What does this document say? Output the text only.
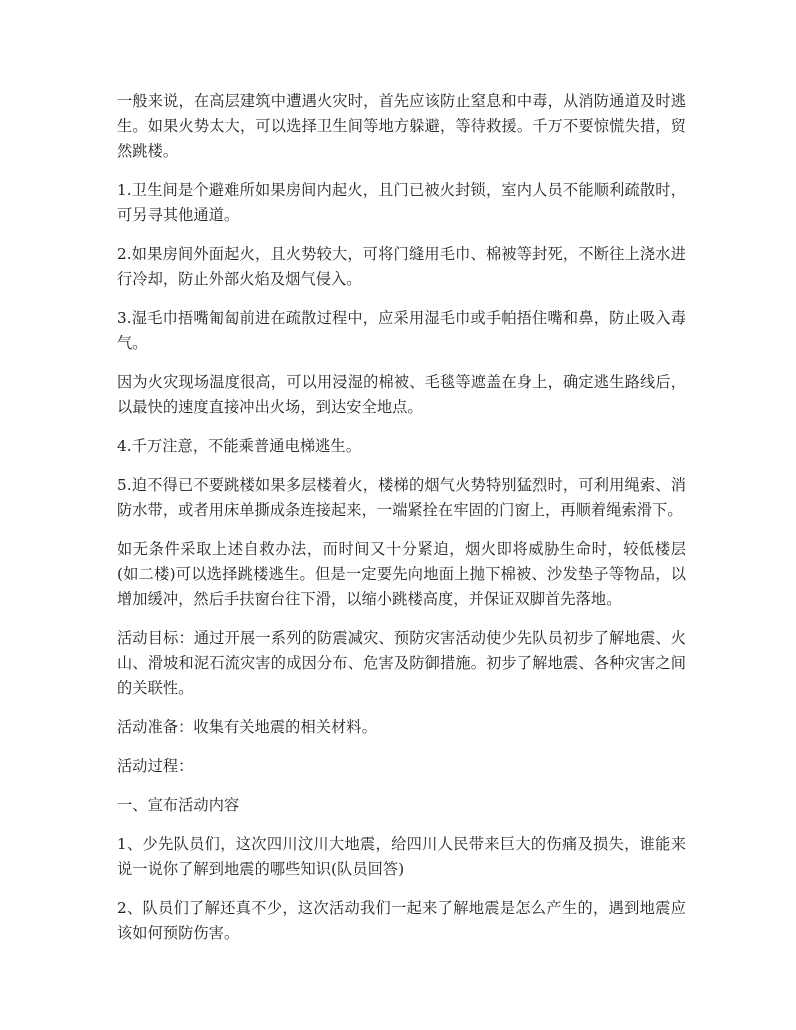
一般来说，在高层建筑中遭遇火灾时，首先应该防止窒息和中毒，从消防通道及时逃生。如果火势太大，可以选择卫生间等地方躲避，等待救援。千万不要惊慌失措，贸然跳楼。

1.卫生间是个避难所如果房间内起火，且门已被火封锁，室内人员不能顺利疏散时，可另寻其他通道。

2.如果房间外面起火，且火势较大，可将门缝用毛巾、棉被等封死，不断往上浇水进行冷却，防止外部火焰及烟气侵入。

3.湿毛巾捂嘴匍匐前进在疏散过程中，应采用湿毛巾或手帕捂住嘴和鼻，防止吸入毒气。

因为火灾现场温度很高，可以用浸湿的棉被、毛毯等遮盖在身上，确定逃生路线后，以最快的速度直接冲出火场，到达安全地点。

4.千万注意，不能乘普通电梯逃生。

5.迫不得已不要跳楼如果多层楼着火，楼梯的烟气火势特别猛烈时，可利用绳索、消防水带，或者用床单撕成条连接起来，一端紧拴在牢固的门窗上，再顺着绳索滑下。

如无条件采取上述自救办法，而时间又十分紧迫，烟火即将威胁生命时，较低楼层(如二楼)可以选择跳楼逃生。但是一定要先向地面上抛下棉被、沙发垫子等物品，以增加缓冲，然后手扶窗台往下滑，以缩小跳楼高度，并保证双脚首先落地。

活动目标：通过开展一系列的防震减灾、预防灾害活动使少先队员初步了解地震、火山、滑坡和泥石流灾害的成因分布、危害及防御措施。初步了解地震、各种灾害之间的关联性。

活动准备：收集有关地震的相关材料。

活动过程：

一、宣布活动内容

1、少先队员们，这次四川汶川大地震，给四川人民带来巨大的伤痛及损失，谁能来说一说你了解到地震的哪些知识(队员回答)

2、队员们了解还真不少，这次活动我们一起来了解地震是怎么产生的，遇到地震应该如何预防伤害。
